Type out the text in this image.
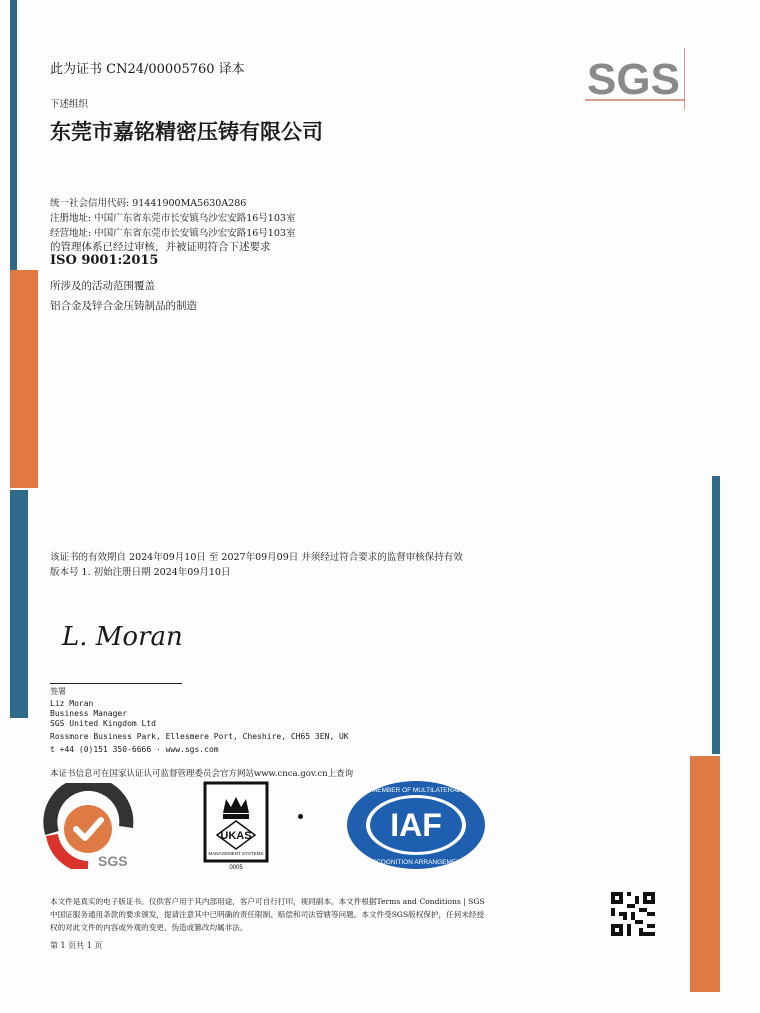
SGS
此为证书 CN24/00005760 译本
下述组织
东莞市嘉铭精密压铸有限公司
统一社会信用代码: 91441900MA5630A286
注册地址: 中国广东省东莞市长安镇乌沙宏安路16号103室
经营地址: 中国广东省东莞市长安镇乌沙宏安路16号103室
的管理体系已经过审核，并被证明符合下述要求
ISO 9001:2015
所涉及的活动范围覆盖
铝合金及锌合金压铸制品的制造
该证书的有效期自 2024年09月10日 至 2027年09月09日 并须经过符合要求的监督审核保持有效
版本号 1. 初始注册日期 2024年09月10日
L. Moran
签署
Liz Moran
Business Manager
SGS United Kingdom Ltd
Rossmore Business Park, Ellesmere Port, Cheshire, CH65 3EN, UK
t +44 (0)151 350-6666 · www.sgs.com
本证书信息可在国家认证认可监督管理委员会官方网站www.cnca.gov.cn上查询
SGS
UKAS
MANAGEMENT SYSTEMS
0005
IAF
MEMBER OF MULTILATERAL
RECOGNITION ARRANGEMENT
本文件是真实的电子版证书。仅供客户用于其内部用途，客户可自行打印，视同副本。本文件根据Terms and Conditions | SGS
中国证服务通用条款的要求颁发，提请注意其中已明确的责任限制、赔偿和司法管辖等问题。本文件受SGS版权保护，任何未经授
权的对此文件的内容或外观的变更、伪造或篡改均属非法。
第 1 页共 1 页
